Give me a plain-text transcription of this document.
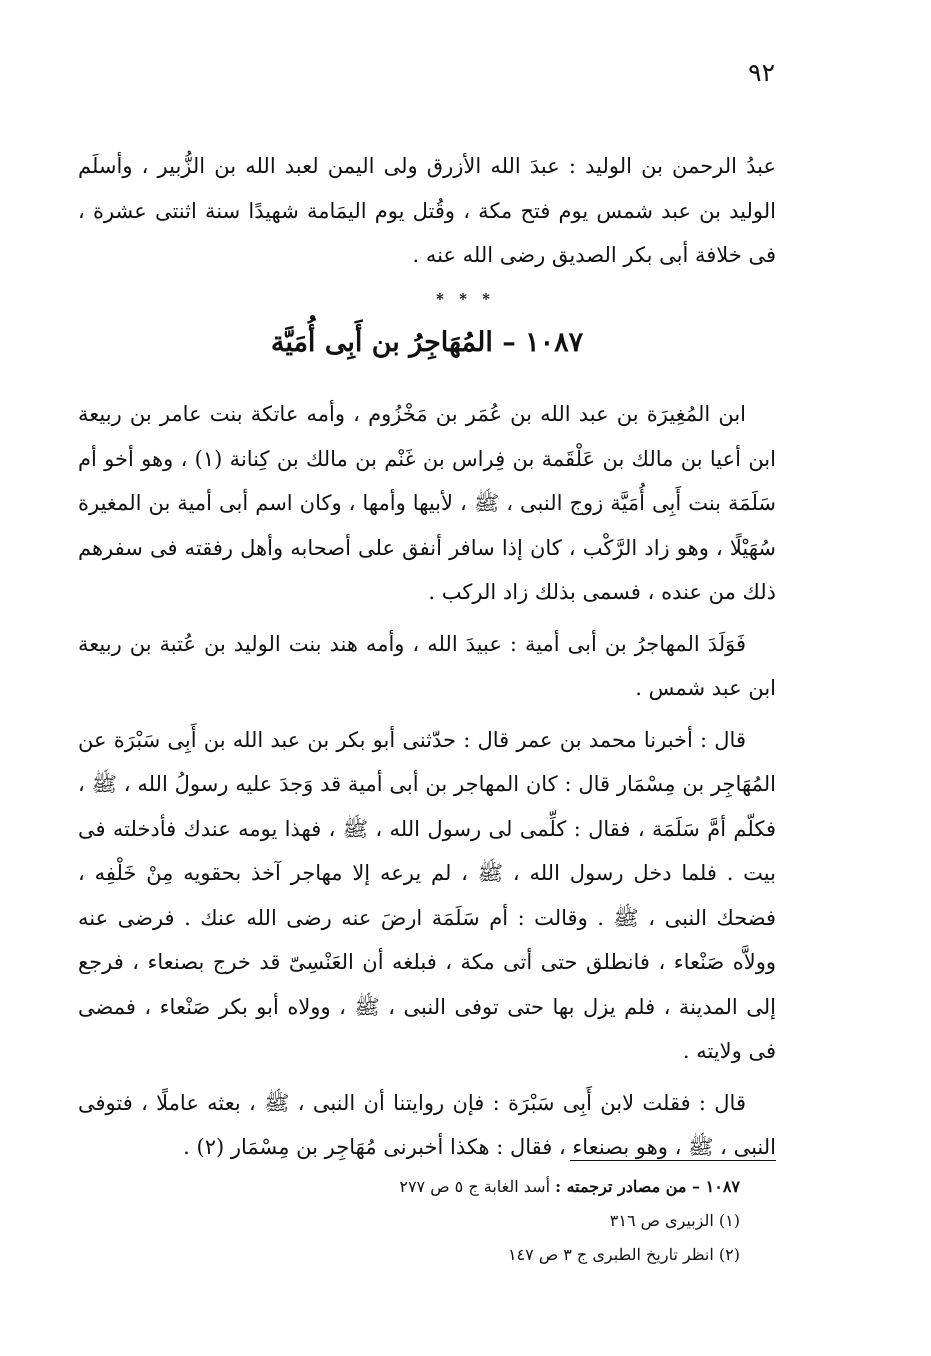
٩٢

عبدُ الرحمن بن الوليد : عبدَ الله الأزرق ولى اليمن لعبد الله بن الزُّبير ، وأسلَم الوليد بن عبد شمس يوم فتح مكة ، وقُتل يوم اليمَامة شهيدًا سنة اثنتى عشرة ، فى خلافة أبى بكر الصديق رضى الله عنه .

* * *
١٠٨٧ – المُهَاجِرُ بن أَبِى أُمَيَّة

ابن المُغِيرَة بن عبد الله بن عُمَر بن مَخْزُوم ، وأمه عاتكة بنت عامر بن ربيعة ابن أعيا بن مالك بن عَلْقَمة بن فِراس بن غَنْم بن مالك بن كِنانة (١) ، وهو أخو أم سَلَمَة بنت أَبِى أُمَيَّة زوج النبى ، ﷺ ، لأبيها وأمها ، وكان اسم أبى أمية بن المغيرة سُهَيْلًا ، وهو زاد الرَّكْب ، كان إذا سافر أنفق على أصحابه وأهل رفقته فى سفرهم ذلك من عنده ، فسمى بذلك زاد الركب .

فَوَلَدَ المهاجرُ بن أبى أمية : عبيدَ الله ، وأمه هند بنت الوليد بن عُتبة بن ربيعة ابن عبد شمس .

قال : أخبرنا محمد بن عمر قال : حدّثنى أبو بكر بن عبد الله بن أَبِى سَبْرَة عن المُهَاجِر بن مِسْمَار قال : كان المهاجر بن أبى أمية قد وَجدَ عليه رسولُ الله ، ﷺ ، فكلّم أمَّ سَلَمَة ، فقال : كلِّمى لى رسول الله ، ﷺ ، فهذا يومه عندك فأدخلته فى بيت . فلما دخل رسول الله ، ﷺ ، لم يرعه إلا مهاجر آخذ بحقويه مِنْ خَلْفِه ، فضحك النبى ، ﷺ . وقالت : أم سَلَمَة ارضَ عنه رضى الله عنك . فرضى عنه وولاَّه صَنْعاء ، فانطلق حتى أتى مكة ، فبلغه أن العَنْسِىّ قد خرج بصنعاء ، فرجع إلى المدينة ، فلم يزل بها حتى توفى النبى ، ﷺ ، وولاه أبو بكر صَنْعاء ، فمضى فى ولايته .

قال : فقلت لابن أَبِى سَبْرَة : فإن روايتنا أن النبى ، ﷺ ، بعثه عاملًا ، فتوفى النبى ، ﷺ ، وهو بصنعاء ، فقال : هكذا أخبرنى مُهَاجِر بن مِسْمَار (٢) .

١٠٨٧ – من مصادر ترجمته : أسد الغابة ج ٥ ص ٢٧٧

(١) الزبيرى ص ٣١٦

(٢) انظر تاريخ الطبرى ج ٣ ص ١٤٧
